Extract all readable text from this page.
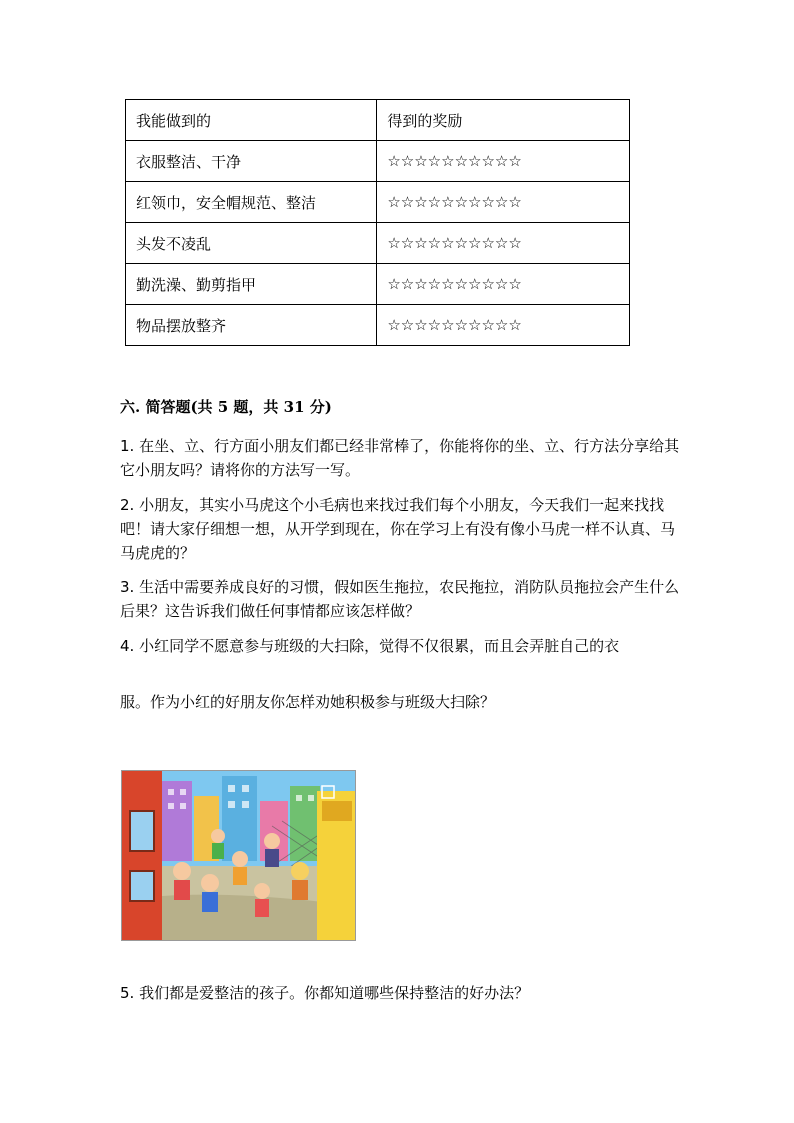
我能做到的	得到的奖励
衣服整洁、干净	☆☆☆☆☆☆☆☆☆☆
红领巾，安全帽规范、整洁	☆☆☆☆☆☆☆☆☆☆
头发不凌乱	☆☆☆☆☆☆☆☆☆☆
勤洗澡、勤剪指甲	☆☆☆☆☆☆☆☆☆☆
物品摆放整齐	☆☆☆☆☆☆☆☆☆☆
六. 简答题(共 5 题，共 31 分)
1. 在坐、立、行方面小朋友们都已经非常棒了，你能将你的坐、立、行方法分享给其它小朋友吗？请将你的方法写一写。
2. 小朋友，其实小马虎这个小毛病也来找过我们每个小朋友，今天我们一起来找找吧！请大家仔细想一想，从开学到现在，你在学习上有没有像小马虎一样不认真、马马虎虎的？
3. 生活中需要养成良好的习惯，假如医生拖拉，农民拖拉，消防队员拖拉会产生什么后果？这告诉我们做任何事情都应该怎样做？
4. 小红同学不愿意参与班级的大扫除，觉得不仅很累，而且会弄脏自己的衣
服。作为小红的好朋友你怎样劝她积极参与班级大扫除？
5. 我们都是爱整洁的孩子。你都知道哪些保持整洁的好办法？
